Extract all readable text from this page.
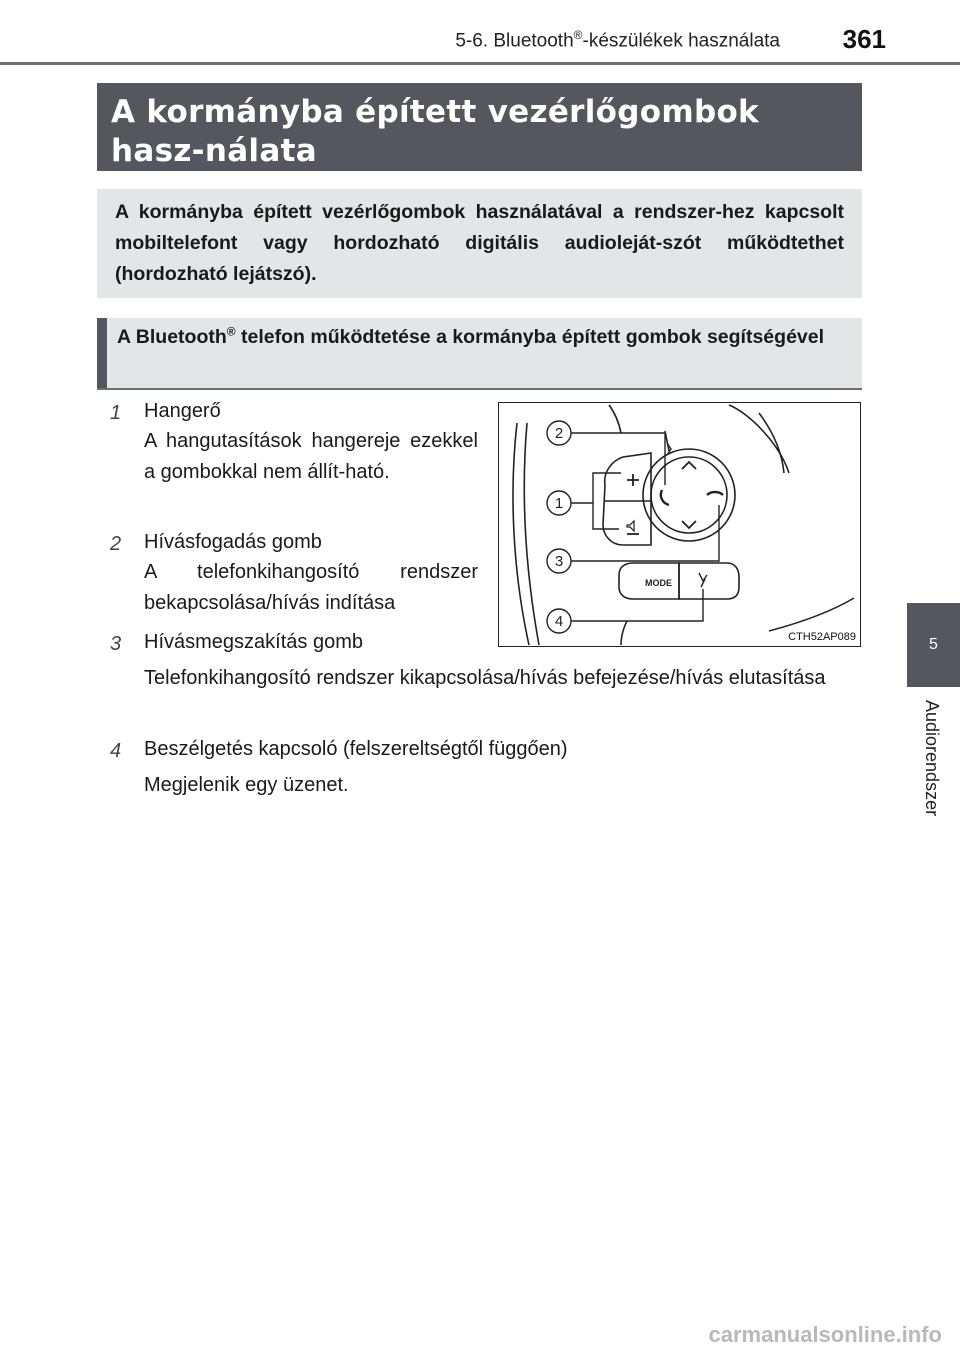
5-6. Bluetooth®-készülékek használata	361
5
Audiorendszer
A kormányba épített vezérlőgombok hasz-nálata
A kormányba épített vezérlőgombok használatával a rendszer-hez kapcsolt mobiltelefont vagy hordozható digitális audioleját-szót működtethet (hordozható lejátszó).
A Bluetooth® telefon működtetése a kormányba épített gombok segítségével
1	Hangerő
A hangutasítások hangereje ezekkel a gombokkal nem állít-ható.
2	Hívásfogadás gomb
A telefonkihangosító rendszer bekapcsolása/hívás indítása
3	Hívásmegszakítás gomb
Telefonkihangosító rendszer kikapcsolása/hívás befejezése/hívás elutasítása
4	Beszélgetés kapcsoló (felszereltségtől függően)
Megjelenik egy üzenet.
MODE
2
1
3
4
CTH52AP089
carmanualsonline.info
